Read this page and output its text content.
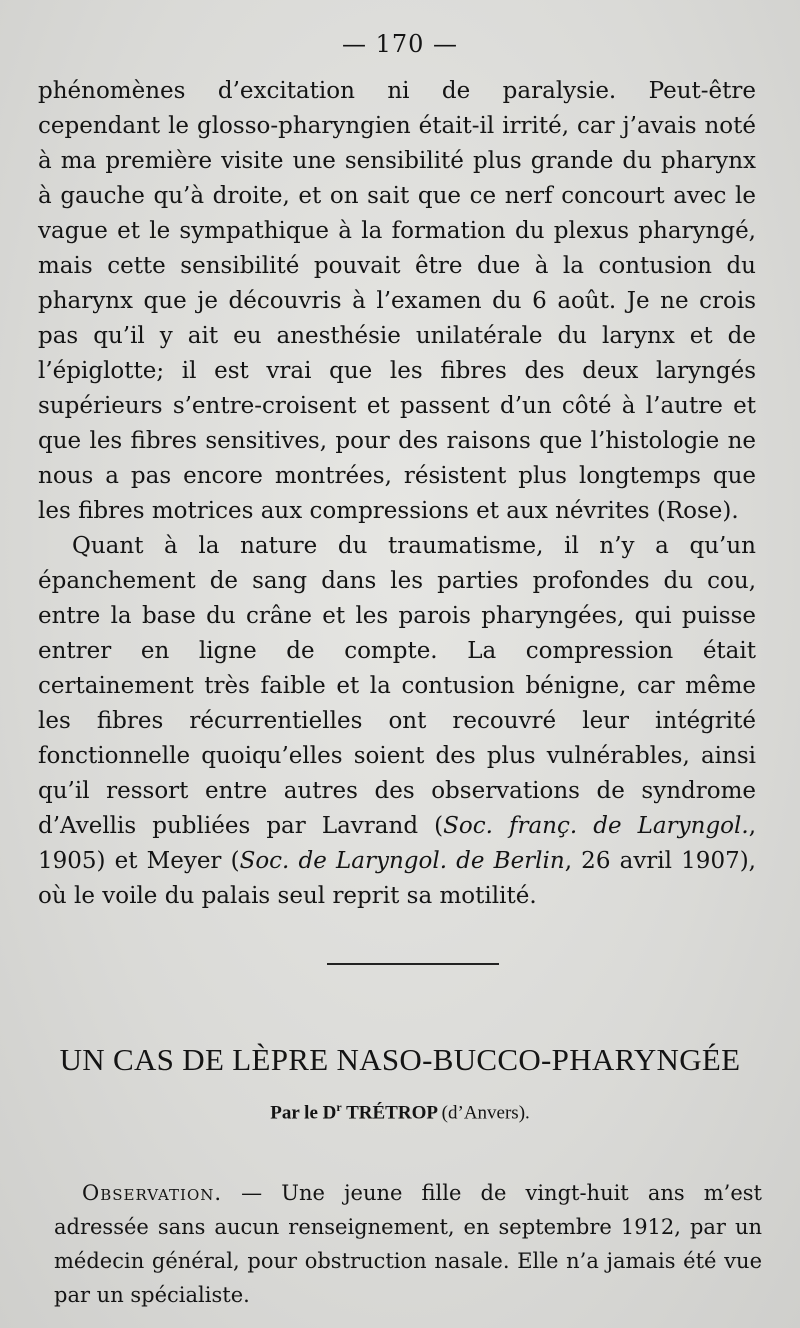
— 170 —

phénomènes d’excitation ni de paralysie. Peut-être cependant le glosso-pharyngien était-il irrité, car j’avais noté à ma première visite une sensibilité plus grande du pharynx à gauche qu’à droite, et on sait que ce nerf concourt avec le vague et le sympathique à la formation du plexus pharyngé, mais cette sensibilité pouvait être due à la contusion du pharynx que je découvris à l’examen du 6 août. Je ne crois pas qu’il y ait eu anesthésie unilatérale du larynx et de l’épiglotte; il est vrai que les fibres des deux laryngés supérieurs s’entre-croisent et passent d’un côté à l’autre et que les fibres sensitives, pour des raisons que l’histologie ne nous a pas encore montrées, résistent plus longtemps que les fibres motrices aux compressions et aux névrites (Rose).

Quant à la nature du traumatisme, il n’y a qu’un épanchement de sang dans les parties profondes du cou, entre la base du crâne et les parois pharyngées, qui puisse entrer en ligne de compte. La compression était certainement très faible et la contusion bénigne, car même les fibres récurrentielles ont recouvré leur intégrité fonctionnelle quoiqu’elles soient des plus vulnérables, ainsi qu’il ressort entre autres des observations de syndrome d’Avellis publiées par Lavrand (Soc. franç. de Laryngol., 1905) et Meyer (Soc. de Laryngol. de Berlin, 26 avril 1907), où le voile du palais seul reprit sa motilité.

UN CAS DE LÈPRE NASO-BUCCO-PHARYNGÉE
Par le $D^r$ TRÉTROP (d’Anvers).

Observation. — Une jeune fille de vingt-huit ans m’est adressée sans aucun renseignement, en septembre 1912, par un médecin général, pour obstruction nasale. Elle n’a jamais été vue par un spécialiste.
